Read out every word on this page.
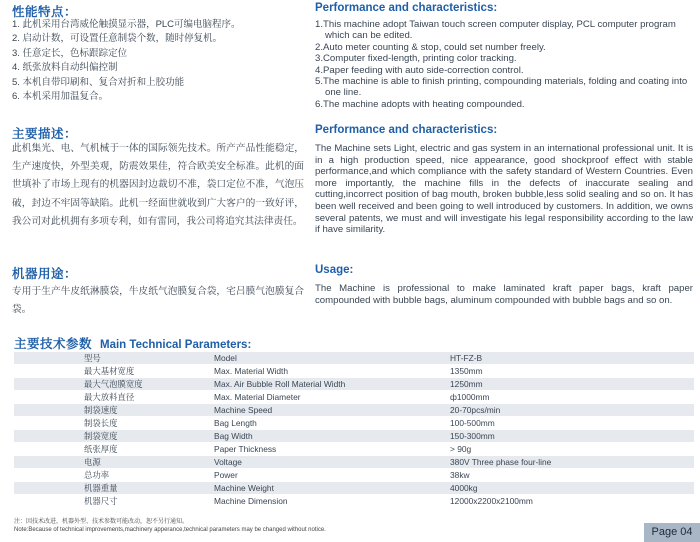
性能特点：
1. 此机采用台湾威伦触摸显示器，PLC可编电脑程序。
2. 启动计数，可设置任意制袋个数，随时停复机。
3. 任意定长，色标跟踪定位
4. 纸张放料自动纠偏控制
5. 本机自带印刷和、复合对折和上胶功能
6. 本机采用加温复合。
Performance and characteristics:
1.This machine adopt Taiwan touch screen computer display, PCL computer program which can be edited.
2.Auto meter counting & stop, could set number freely.
3.Computer fixed-length, printing color tracking.
4.Paper feeding with auto side-correction control.
5.The machine is able to finish printing, compounding materials, folding and coating into one line.
6.The machine adopts with heating compounded.
主要描述：
此机集光、电、气机械于一体的国际领先技术。所产产品性能稳定，生产速度快，外型美观，防震效果佳，符合欧美安全标准。此机的面世填补了市场上现有的机器因封边裁切不准，袋口定位不准，气泡压破，封边不牢固等缺陷。此机一经面世就收到广大客户的一致好评，我公司对此机拥有多项专利，如有雷同，我公司将追究其法律责任。
Performance and characteristics:
The Machine sets Light, electric and gas system in an international professional unit. It is in a high production speed, nice appearance, good shockproof effect with stable performance,and which compliance with the safety standard of Western Countries. Even more importantly, the machine fills in the defects of inaccurate sealing and cutting,incorrect position of bag mouth, broken bubble,less solid sealing and so on. It has been well received and been going to well introduced by customers. In addition, we owns several patents, we must and will investigate his legal responsibility according to the law if have similarity.
机器用途：
专用于生产牛皮纸淋膜袋，牛皮纸气泡膜复合袋，宅吕膜气泡膜复合袋。
Usage:
The Machine is professional to make laminated kraft paper bags, kraft paper compounded with bubble bags, aluminum compounded with bubble bags and so on.
主要技术参数 Main Technical Parameters:
型号	Model	HT-FZ-B
最大基材宽度	Max. Material Width	1350mm
最大气泡膜宽度	Max. Air Bubble Roll Material Width	1250mm
最大放料直径	Max. Material Diameter	ф1000mm
制袋速度	Machine Speed	20-70pcs/min
制袋长度	Bag Length	100-500mm
制袋宽度	Bag Width	150-300mm
纸张厚度	Paper Thickness	> 90g
电源	Voltage	380V Three phase four-line
总功率	Power	38kw
机器重量	Machine Weight	4000kg
机器尺寸	Machine Dimension	12000x2200x2100mm
注：因技术改进，机器外型、技术参数可能改动，恕不另行通知。
Note:Because of technical improvements,machinery apperance,technical parameters may be changed without notice.	Page 04
